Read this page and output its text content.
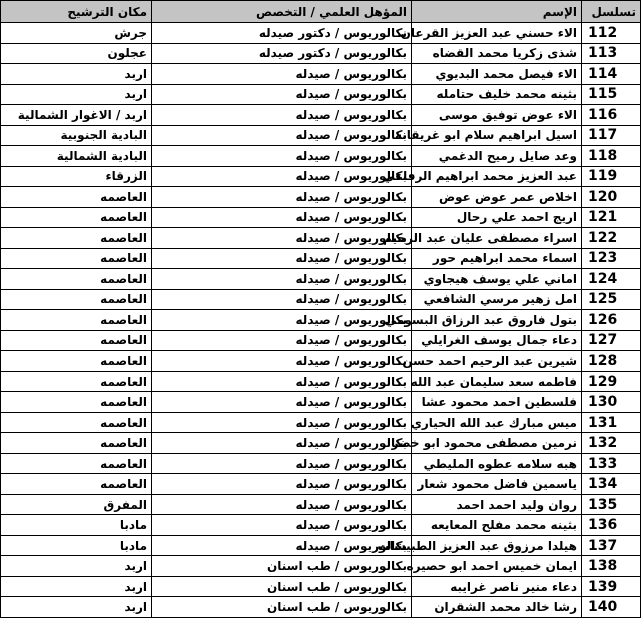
تسلسل	الإسم	المؤهل العلمي / التخصص	مكان الترشيح
112	الاء حسني عبد العزيز القرعان	بكالوريوس / دكتور صيدله	جرش
113	شذى زكريا محمد القضاه	بكالوريوس / دكتور صيدله	عجلون
114	الاء فيصل محمد البديوي	بكالوريوس / صيدله	اربد
115	بثينه محمد خليف حتامله	بكالوريوس / صيدله	اربد
116	الاء عوض توفيق موسى	بكالوريوس / صيدله	اربد / الاغوار الشمالية
117	اسيل ابراهيم سلام ابو غريقانه	بكالوريوس / صيدله	البادية الجنوبية
118	وعد صايل رميح الدغمي	بكالوريوس / صيدله	البادية الشمالية
119	عبد العزيز محمد ابراهيم الرفاعي	بكالوريوس / صيدله	الزرقاء
120	اخلاص عمر عوض عوض	بكالوريوس / صيدله	العاصمه
121	اريج احمد علي رحال	بكالوريوس / صيدله	العاصمه
122	اسراء مصطفى عليان عبد الرحيم	بكالوريوس / صيدله	العاصمه
123	اسماء محمد ابراهيم حور	بكالوريوس / صيدله	العاصمه
124	اماني علي يوسف هيجاوي	بكالوريوس / صيدله	العاصمه
125	امل زهير مرسي الشافعي	بكالوريوس / صيدله	العاصمه
126	بتول فاروق عبد الرزاق البسومي	بكالوريوس / صيدله	العاصمه
127	دعاء جمال يوسف الغرايلي	بكالوريوس / صيدله	العاصمه
128	شيرين عبد الرحيم احمد حسن	بكالوريوس / صيدله	العاصمه
129	فاطمه سعد سليمان عبد الله	بكالوريوس / صيدله	العاصمه
130	فلسطين احمد محمود عشا	بكالوريوس / صيدله	العاصمه
131	ميس مبارك عبد الله الحياري	بكالوريوس / صيدله	العاصمه
132	نرمين مصطفى محمود ابو خضر	بكالوريوس / صيدله	العاصمه
133	هبه سلامه عطوه المليطي	بكالوريوس / صيدله	العاصمه
134	ياسمين فاضل محمود شعار	بكالوريوس / صيدله	العاصمه
135	روان وليد احمد احمد	بكالوريوس / صيدله	المفرق
136	بثينه محمد مفلح المعايعه	بكالوريوس / صيدله	مادبا
137	هيلدا مرزوق عبد العزيز الطبيشات	بكالوريوس / صيدله	مادبا
138	ايمان خميس احمد ابو حصيره	بكالوريوس / طب اسنان	اربد
139	دعاء منير ناصر غرايبه	بكالوريوس / طب اسنان	اربد
140	رشا خالد محمد الشقران	بكالوريوس / طب اسنان	اربد
